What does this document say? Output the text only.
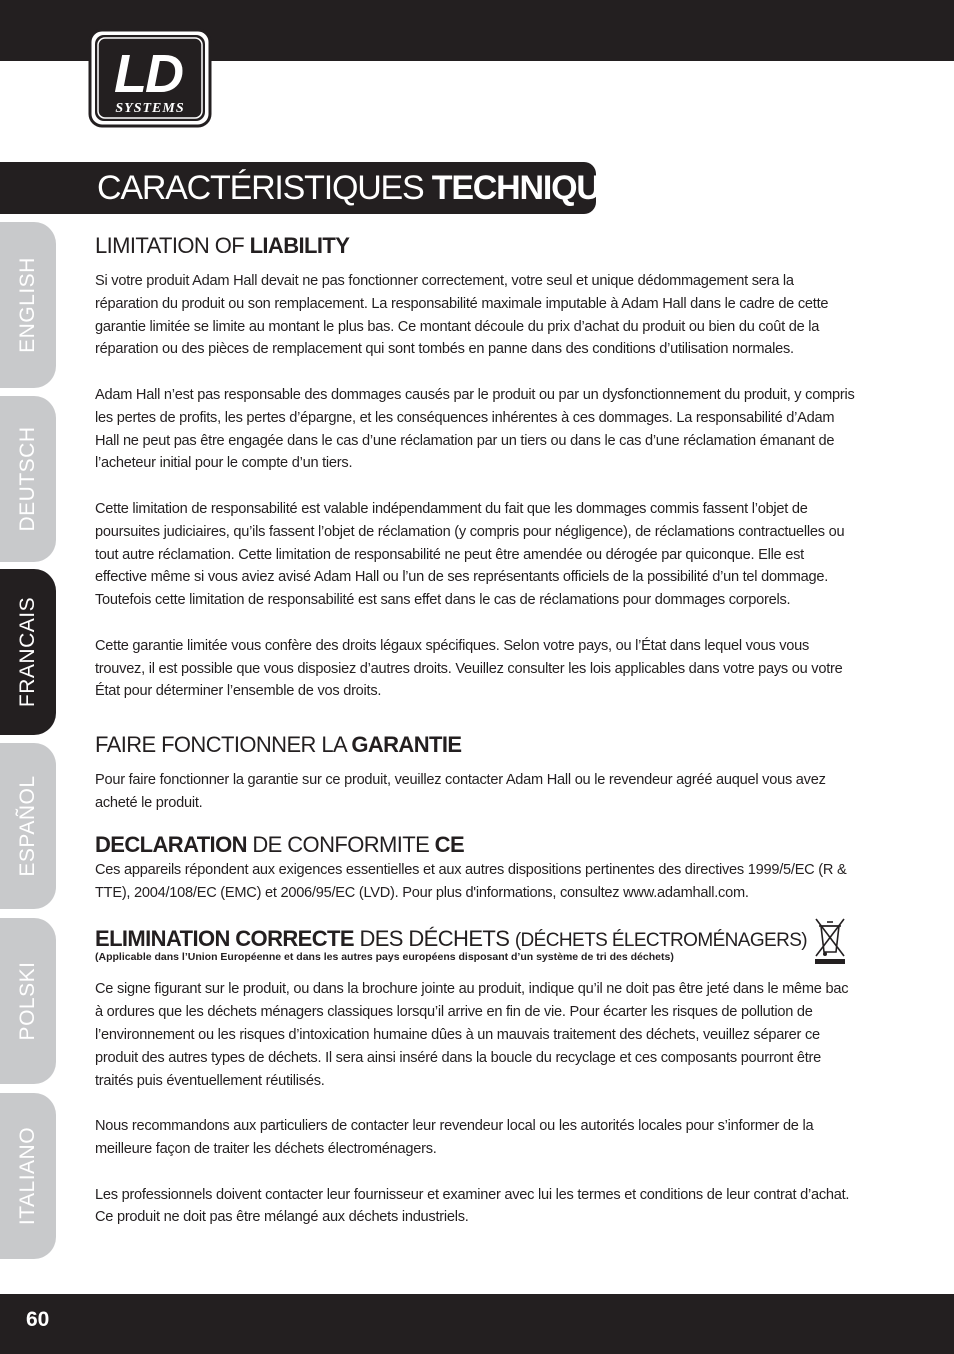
LD
SYSTEMS
CARACTÉRISTIQUES TECHNIQUES:
ENGLISH
DEUTSCH
FRANCAIS
ESPAÑOL
POLSKI
ITALIANO
LIMITATION OF LIABILITY

Si votre produit Adam Hall devait ne pas fonctionner correctement, votre seul et unique dédommagement sera la réparation du produit ou son remplacement. La responsabilité maximale imputable à Adam Hall dans le cadre de cette garantie limitée se limite au montant le plus bas. Ce montant découle du prix d’achat du produit ou bien du coût de la réparation ou des pièces de remplacement qui sont tombés en panne dans des conditions d’utilisation normales.

Adam Hall n’est pas responsable des dommages causés par le produit ou par un dysfonctionnement du produit, y compris les pertes de profits, les pertes d’épargne, et les conséquences inhérentes à ces dommages. La responsabilité d’Adam Hall ne peut pas être engagée dans le cas d’une réclamation par un tiers ou dans le cas d’une réclamation émanant de l’acheteur initial pour le compte d’un tiers.

Cette limitation de responsabilité est valable indépendamment du fait que les dommages commis fassent l’objet de poursuites judiciaires, qu’ils fassent l’objet de réclamation (y compris pour négligence), de réclamations contractuelles ou tout autre réclamation. Cette limitation de responsabilité ne peut être amendée ou dérogée par quiconque. Elle est effective même si vous aviez avisé Adam Hall ou l’un de ses représentants officiels de la possibilité d’un tel dommage. Toutefois cette limitation de responsabilité est sans effet dans le cas de réclamations pour dommages corporels.

Cette garantie limitée vous confère des droits légaux spécifiques. Selon votre pays, ou l’État dans lequel vous vous trouvez, il est possible que vous disposiez d’autres droits. Veuillez consulter les lois applicables dans votre pays ou votre État pour déterminer l’ensemble de vos droits.

FAIRE FONCTIONNER LA GARANTIE

Pour faire fonctionner la garantie sur ce produit, veuillez contacter Adam Hall ou le revendeur agréé auquel vous avez acheté le produit.

DECLARATION DE CONFORMITE CE

Ces appareils répondent aux exigences essentielles et aux autres dispositions pertinentes des directives 1999/5/EC (R & TTE), 2004/108/EC (EMC) et 2006/95/EC (LVD). Pour plus d'informations, consultez www.adamhall.com.

ELIMINATION CORRECTE DES DÉCHETS (DÉCHETS ÉLECTROMÉNAGERS)
(Applicable dans l’Union Européenne et dans les autres pays européens disposant d’un système de tri des déchets)

Ce signe figurant sur le produit, ou dans la brochure jointe au produit, indique qu’il ne doit pas être jeté dans le même bac à ordures que les déchets ménagers classiques lorsqu’il arrive en fin de vie. Pour écarter les risques de pollution de l’environnement ou les risques d’intoxication humaine dûes à un mauvais traitement des déchets, veuillez séparer ce produit des autres types de déchets. Il sera ainsi inséré dans la boucle du recyclage et ces composants pourront être traités puis éventuellement réutilisés.

Nous recommandons aux particuliers de contacter leur revendeur local ou les autorités locales pour s’informer de la meilleure façon de traiter les déchets électroménagers.

Les professionnels doivent contacter leur fournisseur et examiner avec lui les termes et conditions de leur contrat d’achat. Ce produit ne doit pas être mélangé aux déchets industriels.

60
